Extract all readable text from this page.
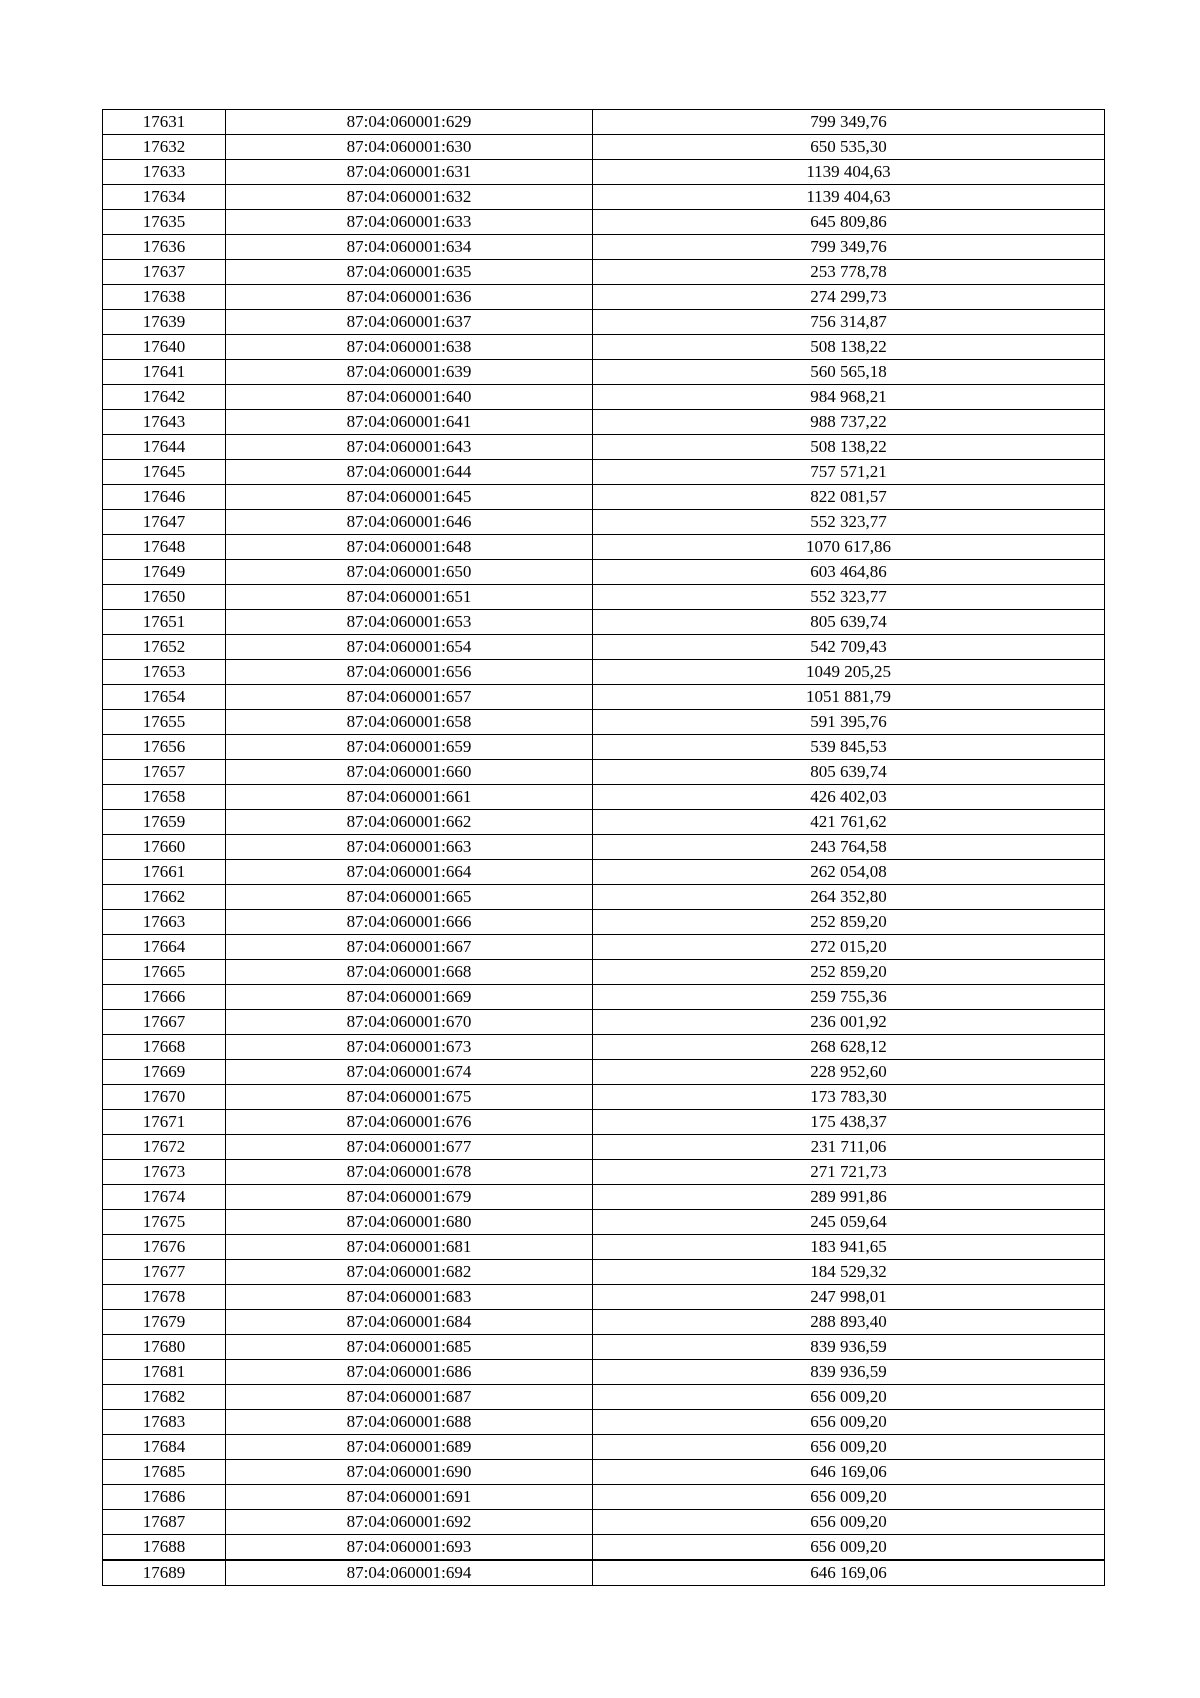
17631	87:04:060001:629	799 349,76
17632	87:04:060001:630	650 535,30
17633	87:04:060001:631	1139 404,63
17634	87:04:060001:632	1139 404,63
17635	87:04:060001:633	645 809,86
17636	87:04:060001:634	799 349,76
17637	87:04:060001:635	253 778,78
17638	87:04:060001:636	274 299,73
17639	87:04:060001:637	756 314,87
17640	87:04:060001:638	508 138,22
17641	87:04:060001:639	560 565,18
17642	87:04:060001:640	984 968,21
17643	87:04:060001:641	988 737,22
17644	87:04:060001:643	508 138,22
17645	87:04:060001:644	757 571,21
17646	87:04:060001:645	822 081,57
17647	87:04:060001:646	552 323,77
17648	87:04:060001:648	1070 617,86
17649	87:04:060001:650	603 464,86
17650	87:04:060001:651	552 323,77
17651	87:04:060001:653	805 639,74
17652	87:04:060001:654	542 709,43
17653	87:04:060001:656	1049 205,25
17654	87:04:060001:657	1051 881,79
17655	87:04:060001:658	591 395,76
17656	87:04:060001:659	539 845,53
17657	87:04:060001:660	805 639,74
17658	87:04:060001:661	426 402,03
17659	87:04:060001:662	421 761,62
17660	87:04:060001:663	243 764,58
17661	87:04:060001:664	262 054,08
17662	87:04:060001:665	264 352,80
17663	87:04:060001:666	252 859,20
17664	87:04:060001:667	272 015,20
17665	87:04:060001:668	252 859,20
17666	87:04:060001:669	259 755,36
17667	87:04:060001:670	236 001,92
17668	87:04:060001:673	268 628,12
17669	87:04:060001:674	228 952,60
17670	87:04:060001:675	173 783,30
17671	87:04:060001:676	175 438,37
17672	87:04:060001:677	231 711,06
17673	87:04:060001:678	271 721,73
17674	87:04:060001:679	289 991,86
17675	87:04:060001:680	245 059,64
17676	87:04:060001:681	183 941,65
17677	87:04:060001:682	184 529,32
17678	87:04:060001:683	247 998,01
17679	87:04:060001:684	288 893,40
17680	87:04:060001:685	839 936,59
17681	87:04:060001:686	839 936,59
17682	87:04:060001:687	656 009,20
17683	87:04:060001:688	656 009,20
17684	87:04:060001:689	656 009,20
17685	87:04:060001:690	646 169,06
17686	87:04:060001:691	656 009,20
17687	87:04:060001:692	656 009,20
17688	87:04:060001:693	656 009,20
17689	87:04:060001:694	646 169,06
